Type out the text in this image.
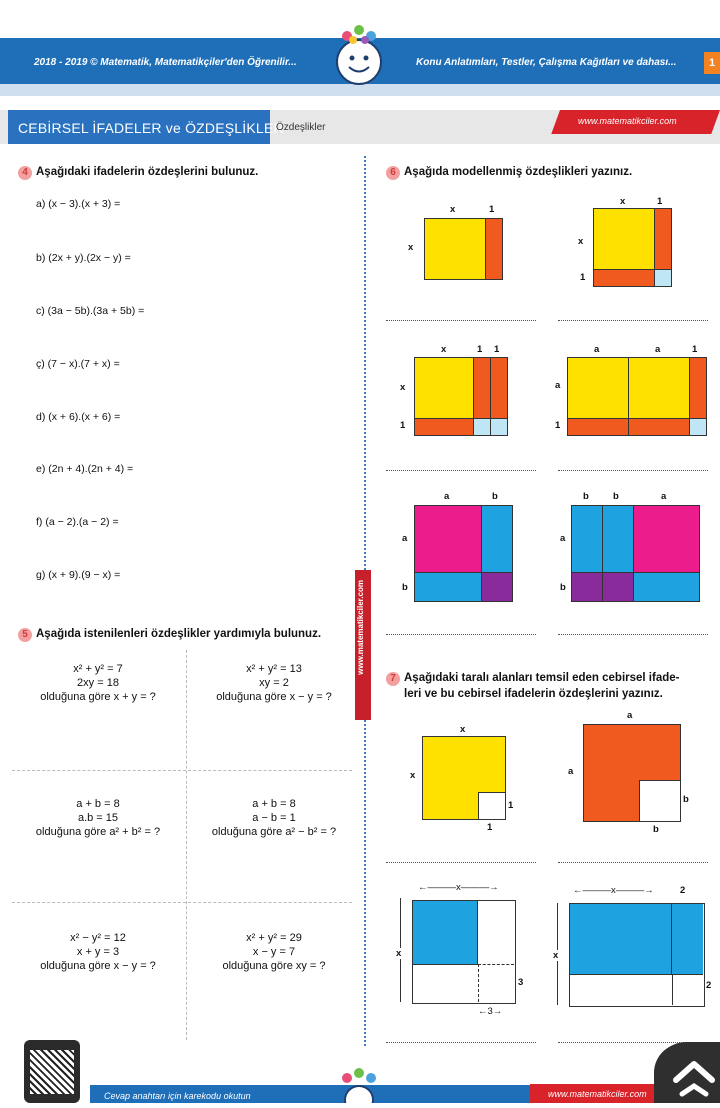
2018 - 2019 © Matematik, Matematikçiler'den Öğrenilir...	Konu Anlatımları, Testler, Çalışma Kağıtları ve dahası...	1
CEBİRSEL İFADELER ve ÖZDEŞLİKLER
Özdeşlikler
www.matematikciler.com
www.matematikciler.com
4 Aşağıdaki ifadelerin özdeşlerini bulunuz.
a) (x − 3).(x + 3) =
b) (2x + y).(2x − y) =
c) (3a − 5b).(3a + 5b) =
ç) (7 − x).(7 + x) =
d) (x + 6).(x + 6) =
e) (2n + 4).(2n + 4) =
f) (a − 2).(a − 2) =
g) (x + 9).(9 − x) =
5 Aşağıda istenilenleri özdeşlikler yardımıyla bulunuz.
x² + y² = 7
2xy = 18
olduğuna göre x + y = ?
x² + y² = 13
xy = 2
olduğuna göre x − y = ?
a + b = 8
a.b = 15
olduğuna göre a² + b² = ?
a + b = 8
a − b = 1
olduğuna göre a² − b² = ?
x² − y² = 12
x + y = 3
olduğuna göre x − y = ?
x² + y² = 29
x − y = 7
olduğuna göre xy = ?
6 Aşağıda modellenmiş özdeşlikleri yazınız.
x	1
x
x	1
x
1
x	1 1
x
1
a	a	1
a
1
a	b
a
b
b	b	a
a
b
7 Aşağıdaki taralı alanları temsil eden cebirsel ifade-
leri ve bu cebirsel ifadelerin özdeşlerini yazınız.
x
x
1
1
a
a
b
b
←———x———→
x
3
←3→
←———x———→	2
x
2
Cevap anahtarı için karekodu okutun	www.matematikciler.com
